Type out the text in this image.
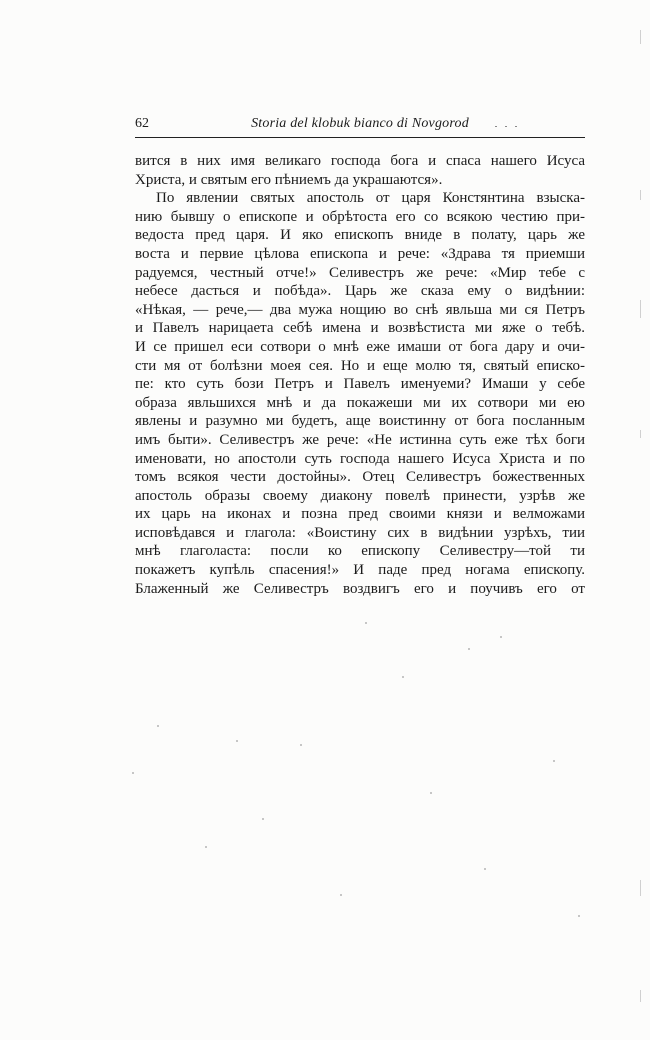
62	Storia del klobuk bianco di Novgorod
вится в них имя великаго господа бога и спаса нашего Исуса
Христа, и святым его пѣниемъ да украшаются».
По явлении святых апостоль от царя Констянтина взыска-
нию бывшу о епископе и обрѣтоста его со всякою честию при-
ведоста пред царя. И яко епископъ вниде в полату, царь же
воста и первие цѣлова епископа и рече: «Здрава тя приемши
радуемся, честный отче!» Селивестръ же рече: «Мир тебе с
небесе дасться и побѣда». Царь же сказа ему о видѣнии:
«Нѣкая, — рече,— два мужа нощию во снѣ явльша ми ся Петръ
и Павелъ нарицаета себѣ имена и возвѣстиста ми яже о тебѣ.
И се пришел еси сотвори о мнѣ еже имаши от бога дару и очи-
сти мя от болѣзни моея сея. Но и еще молю тя, святый еписко-
пе: кто суть бози Петръ и Павелъ именуеми? Имаши у себе
образа явльшихся мнѣ и да покажеши ми их сотвори ми ею
явлены и разумно ми будетъ, аще воистинну от бога посланным
имъ быти». Селивестръ же рече: «Не истинна суть еже тѣх боги
именовати, но апостоли суть господа нашего Исуса Христа и по
томъ всякоя чести достойны». Отец Селивестръ божественных
апостоль образы своему диакону повелѣ принести, узрѣв же
их царь на иконах и позна пред своими князи и велможами
исповѣдався и глагола: «Воистину сих в видѣнии узрѣхъ, тии
мнѣ глаголаста: посли ко епископу Селивестру—той ти
покажетъ купѣль спасения!» И паде пред ногама епископу.
Блаженный же Селивестръ воздвигъ его и поучивъ его от
